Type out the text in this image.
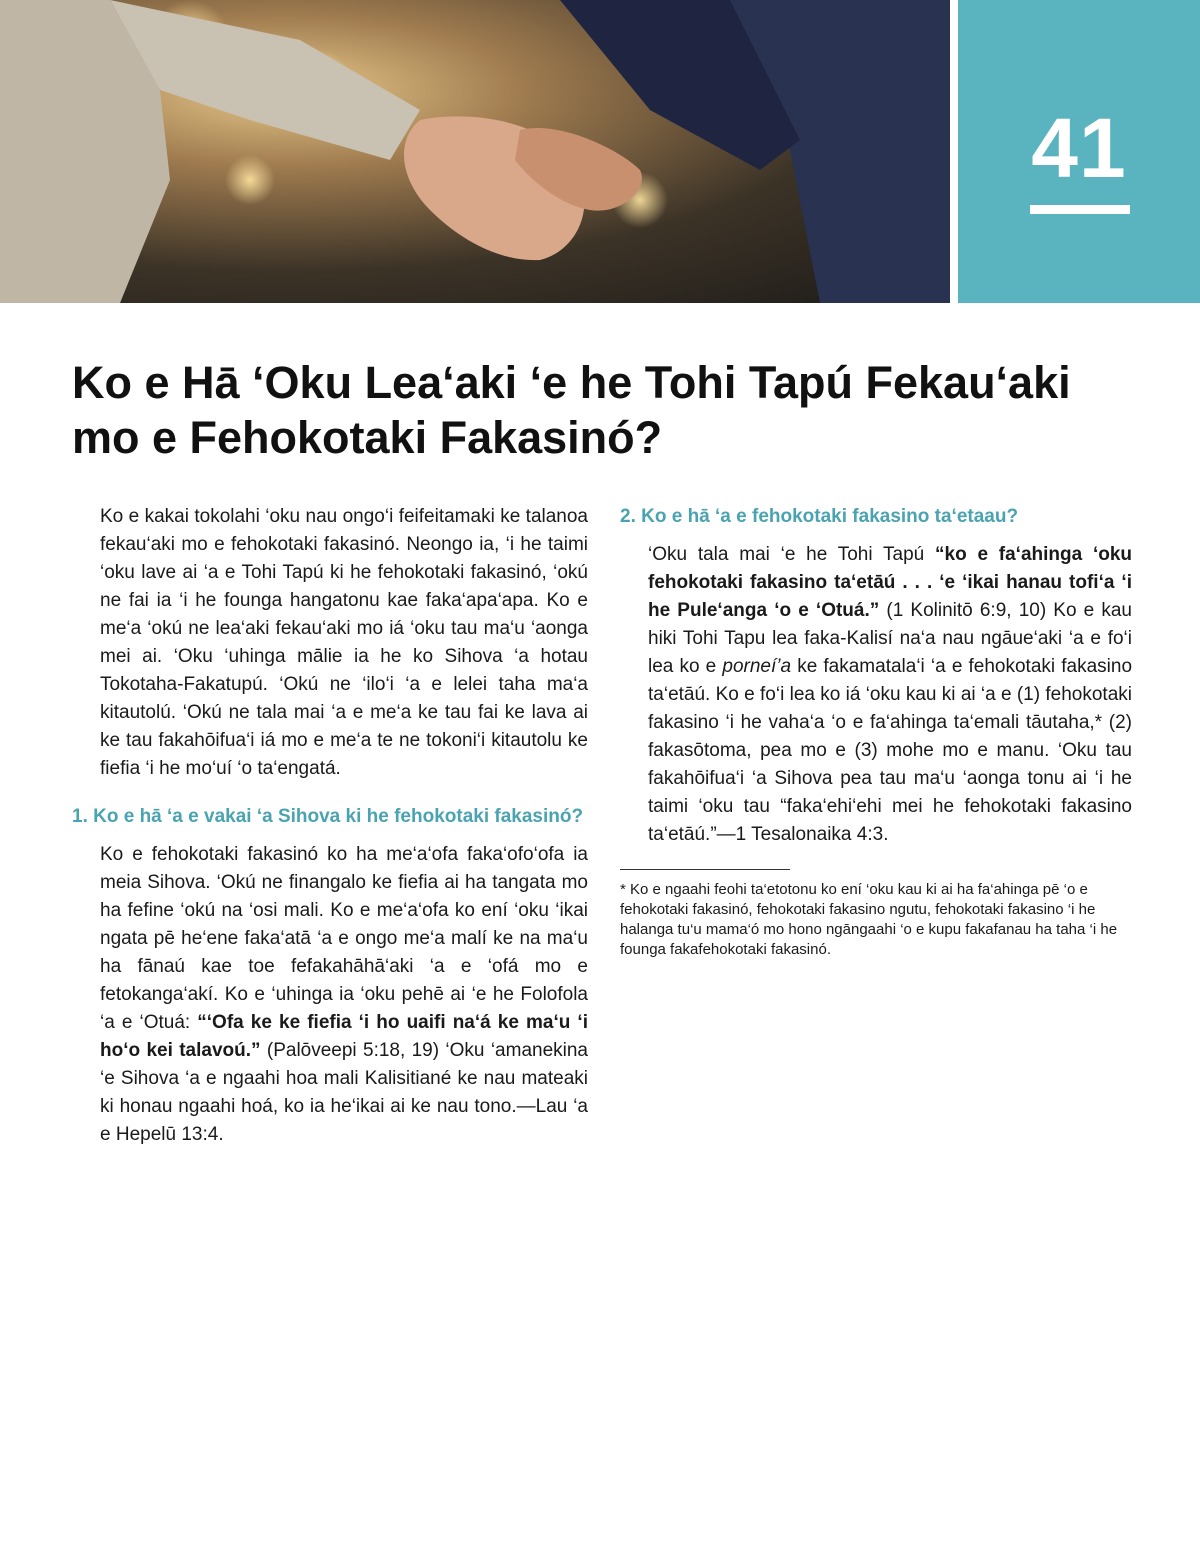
41
Ko e Hā ‘Oku Lea‘aki ‘e he Tohi Tapú Fekau‘aki mo e Fehokotaki Fakasinó?

Ko e kakai tokolahi ‘oku nau ongo‘i feifeitamaki ke talanoa fekau‘aki mo e fehokotaki fakasinó. Neongo ia, ‘i he taimi ‘oku lave ai ‘a e Tohi Tapú ki he fehokotaki fakasinó, ‘okú ne fai ia ‘i he founga hangatonu kae faka‘apa‘apa. Ko e me‘a ‘okú ne lea‘aki fekau‘aki mo iá ‘oku tau ma‘u ‘aonga mei ai. ‘Oku ‘uhinga mālie ia he ko Sihova ‘a hotau Tokotaha-Fakatupú. ‘Okú ne ‘ilo‘i ‘a e lelei taha ma‘a kitautolú. ‘Okú ne tala mai ‘a e me‘a ke tau fai ke lava ai ke tau fakahōifua‘i iá mo e me‘a te ne tokoni‘i kitautolu ke fiefia ‘i he mo‘uí ‘o ta‘engatá.

1. Ko e hā ‘a e vakai ‘a Sihova ki he fehokotaki fakasinó?

Ko e fehokotaki fakasinó ko ha me‘a‘ofa faka‘ofo‘ofa ia meia Sihova. ‘Okú ne finangalo ke fiefia ai ha tangata mo ha fefine ‘okú na ‘osi mali. Ko e me‘a‘ofa ko ení ‘oku ‘ikai ngata pē he‘ene faka‘atā ‘a e ongo me‘a malí ke na ma‘u ha fānaú kae toe fefakahāhā‘aki ‘a e ‘ofá mo e fetokanga‘akí. Ko e ‘uhinga ia ‘oku pehē ai ‘e he Folofola ‘a e ‘Otuá: “‘Ofa ke ke fiefia ‘i ho uaifi na‘á ke ma‘u ‘i ho‘o kei talavoú.” (Palōveepi 5:18, 19) ‘Oku ‘amanekina ‘e Sihova ‘a e ngaahi hoa mali Kalisitiané ke nau mateaki ki honau ngaahi hoá, ko ia he‘ikai ai ke nau tono.—Lau ‘a e Hepelū 13:4.

2. Ko e hā ‘a e fehokotaki fakasino ta‘etaau?

‘Oku tala mai ‘e he Tohi Tapú “ko e fa‘ahinga ‘oku fehokotaki fakasino ta‘etāú . . . ‘e ‘ikai hanau tofi‘a ‘i he Pule‘anga ‘o e ‘Otuá.” (1 Kolinitō 6:9, 10) Ko e kau hiki Tohi Tapu lea faka-Kalisí na‘a nau ngāue‘aki ‘a e fo‘i lea ko e porneí’a ke fakamatala‘i ‘a e fehokotaki fakasino ta‘etāú. Ko e fo‘i lea ko iá ‘oku kau ki ai ‘a e (1) fehokotaki fakasino ‘i he vaha‘a ‘o e fa‘ahinga ta‘emali tāutaha,* (2) fakasōtoma, pea mo e (3) mohe mo e manu. ‘Oku tau fakahōifua‘i ‘a Sihova pea tau ma‘u ‘aonga tonu ai ‘i he taimi ‘oku tau “faka‘ehi‘ehi mei he fehokotaki fakasino ta‘etāú.”—1 Tesalonaika 4:3.

* Ko e ngaahi feohi ta‘etotonu ko ení ‘oku kau ki ai ha fa‘ahinga pē ‘o e fehokotaki fakasinó, fehokotaki fakasino ngutu, fehokotaki fakasino ‘i he halanga tu‘u mama‘ó mo hono ngāngaahi ‘o e kupu fakafanau ha taha ‘i he founga fakafehokotaki fakasinó.
